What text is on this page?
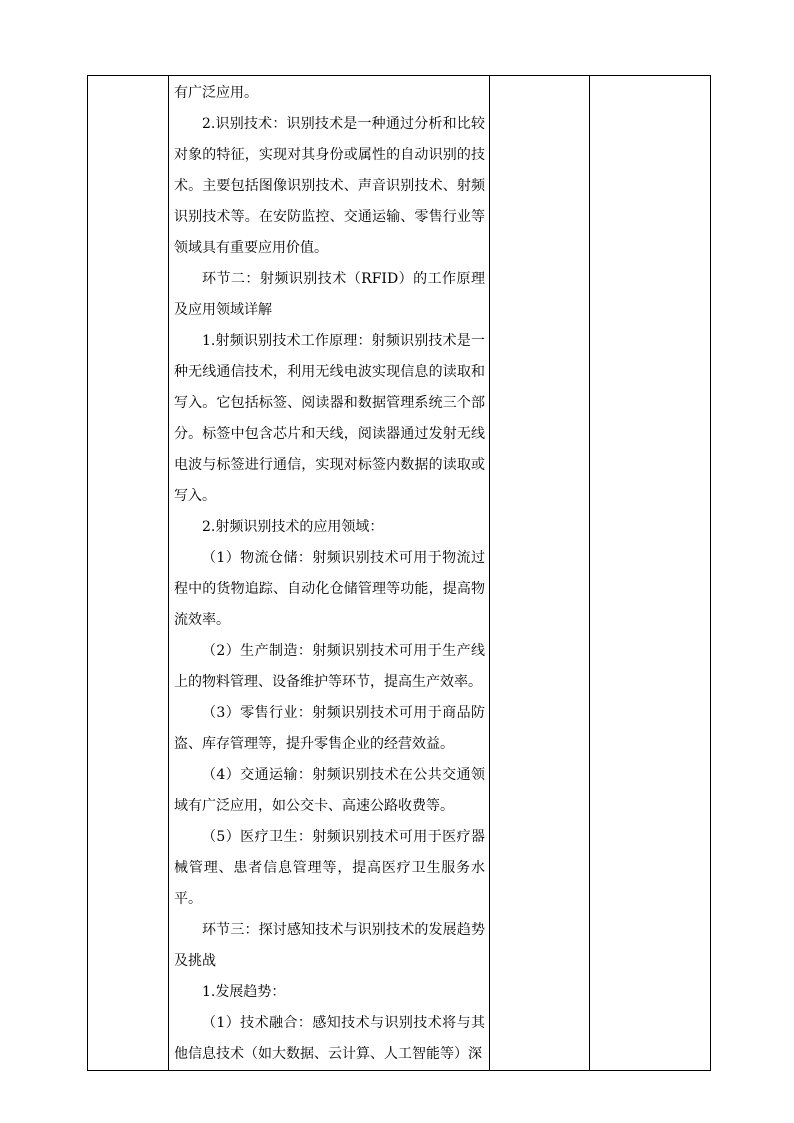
有广泛应用。

2.识别技术：识别技术是一种通过分析和比较对象的特征，实现对其身份或属性的自动识别的技术。主要包括图像识别技术、声音识别技术、射频识别技术等。在安防监控、交通运输、零售行业等领域具有重要应用价值。

环节二：射频识别技术（RFID）的工作原理及应用领域详解

1.射频识别技术工作原理：射频识别技术是一种无线通信技术，利用无线电波实现信息的读取和写入。它包括标签、阅读器和数据管理系统三个部分。标签中包含芯片和天线，阅读器通过发射无线电波与标签进行通信，实现对标签内数据的读取或写入。

2.射频识别技术的应用领域：

（1）物流仓储：射频识别技术可用于物流过程中的货物追踪、自动化仓储管理等功能，提高物流效率。

（2）生产制造：射频识别技术可用于生产线上的物料管理、设备维护等环节，提高生产效率。

（3）零售行业：射频识别技术可用于商品防盗、库存管理等，提升零售企业的经营效益。

（4）交通运输：射频识别技术在公共交通领域有广泛应用，如公交卡、高速公路收费等。

（5）医疗卫生：射频识别技术可用于医疗器械管理、患者信息管理等，提高医疗卫生服务水平。

环节三：探讨感知技术与识别技术的发展趋势及挑战

1.发展趋势：

（1）技术融合：感知技术与识别技术将与其他信息技术（如大数据、云计算、人工智能等）深
